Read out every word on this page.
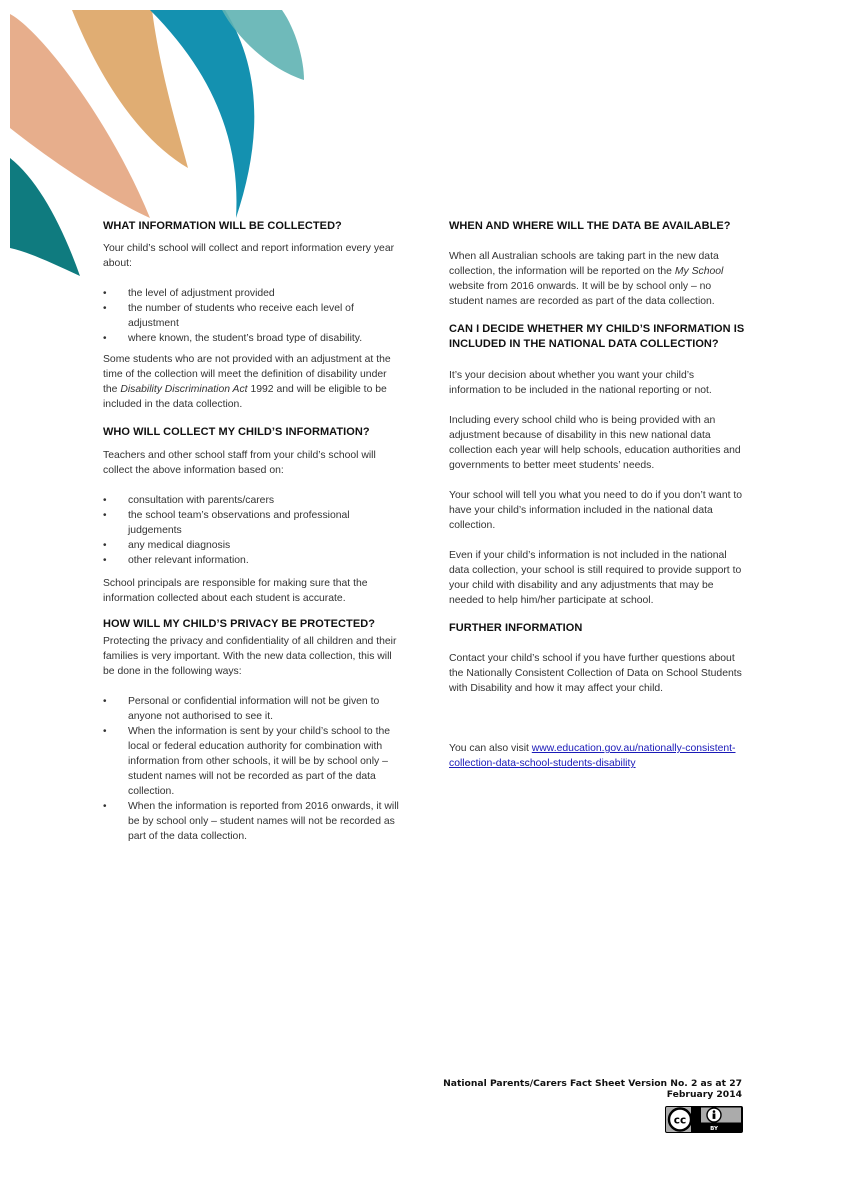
WHAT INFORMATION WILL BE COLLECTED?

Your child’s school will collect and report information every year about:

• the level of adjustment provided
• the number of students who receive each level of adjustment
• where known, the student’s broad type of disability.

Some students who are not provided with an adjustment at the time of the collection will meet the definition of disability under the Disability Discrimination Act 1992 and will be eligible to be included in the data collection.

WHO WILL COLLECT MY CHILD’S INFORMATION?

Teachers and other school staff from your child’s school will collect the above information based on:

• consultation with parents/carers
• the school team’s observations and professional judgements
• any medical diagnosis
• other relevant information.

School principals are responsible for making sure that the information collected about each student is accurate.

HOW WILL MY CHILD’S PRIVACY BE PROTECTED?

Protecting the privacy and confidentiality of all children and their families is very important. With the new data collection, this will be done in the following ways:

• Personal or confidential information will not be given to anyone not authorised to see it.
• When the information is sent by your child’s school to the local or federal education authority for combination with information from other schools, it will be by school only – student names will not be recorded as part of the data collection.
• When the information is reported from 2016 onwards, it will be by school only – student names will not be recorded as part of the data collection.
WHEN AND WHERE WILL THE DATA BE AVAILABLE?

When all Australian schools are taking part in the new data collection, the information will be reported on the My School website from 2016 onwards. It will be by school only – no student names are recorded as part of the data collection.

CAN I DECIDE WHETHER MY CHILD’S INFORMATION IS INCLUDED IN THE NATIONAL DATA COLLECTION?

It’s your decision about whether you want your child’s information to be included in the national reporting or not.

Including every school child who is being provided with an adjustment because of disability in this new national data collection each year will help schools, education authorities and governments to better meet students’ needs.

Your school will tell you what you need to do if you don’t want to have your child’s information included in the national data collection.

Even if your child’s information is not included in the national data collection, your school is still required to provide support to your child with disability and any adjustments that may be needed to help him/her participate at school.

FURTHER INFORMATION

Contact your child’s school if you have further questions about the Nationally Consistent Collection of Data on School Students with Disability and how it may affect your child.

You can also visit www.education.gov.au/nationally-consistent-collection-data-school-students-disability

National Parents/Carers Fact Sheet Version No. 2 as at 27 February 2014
cc
BY
